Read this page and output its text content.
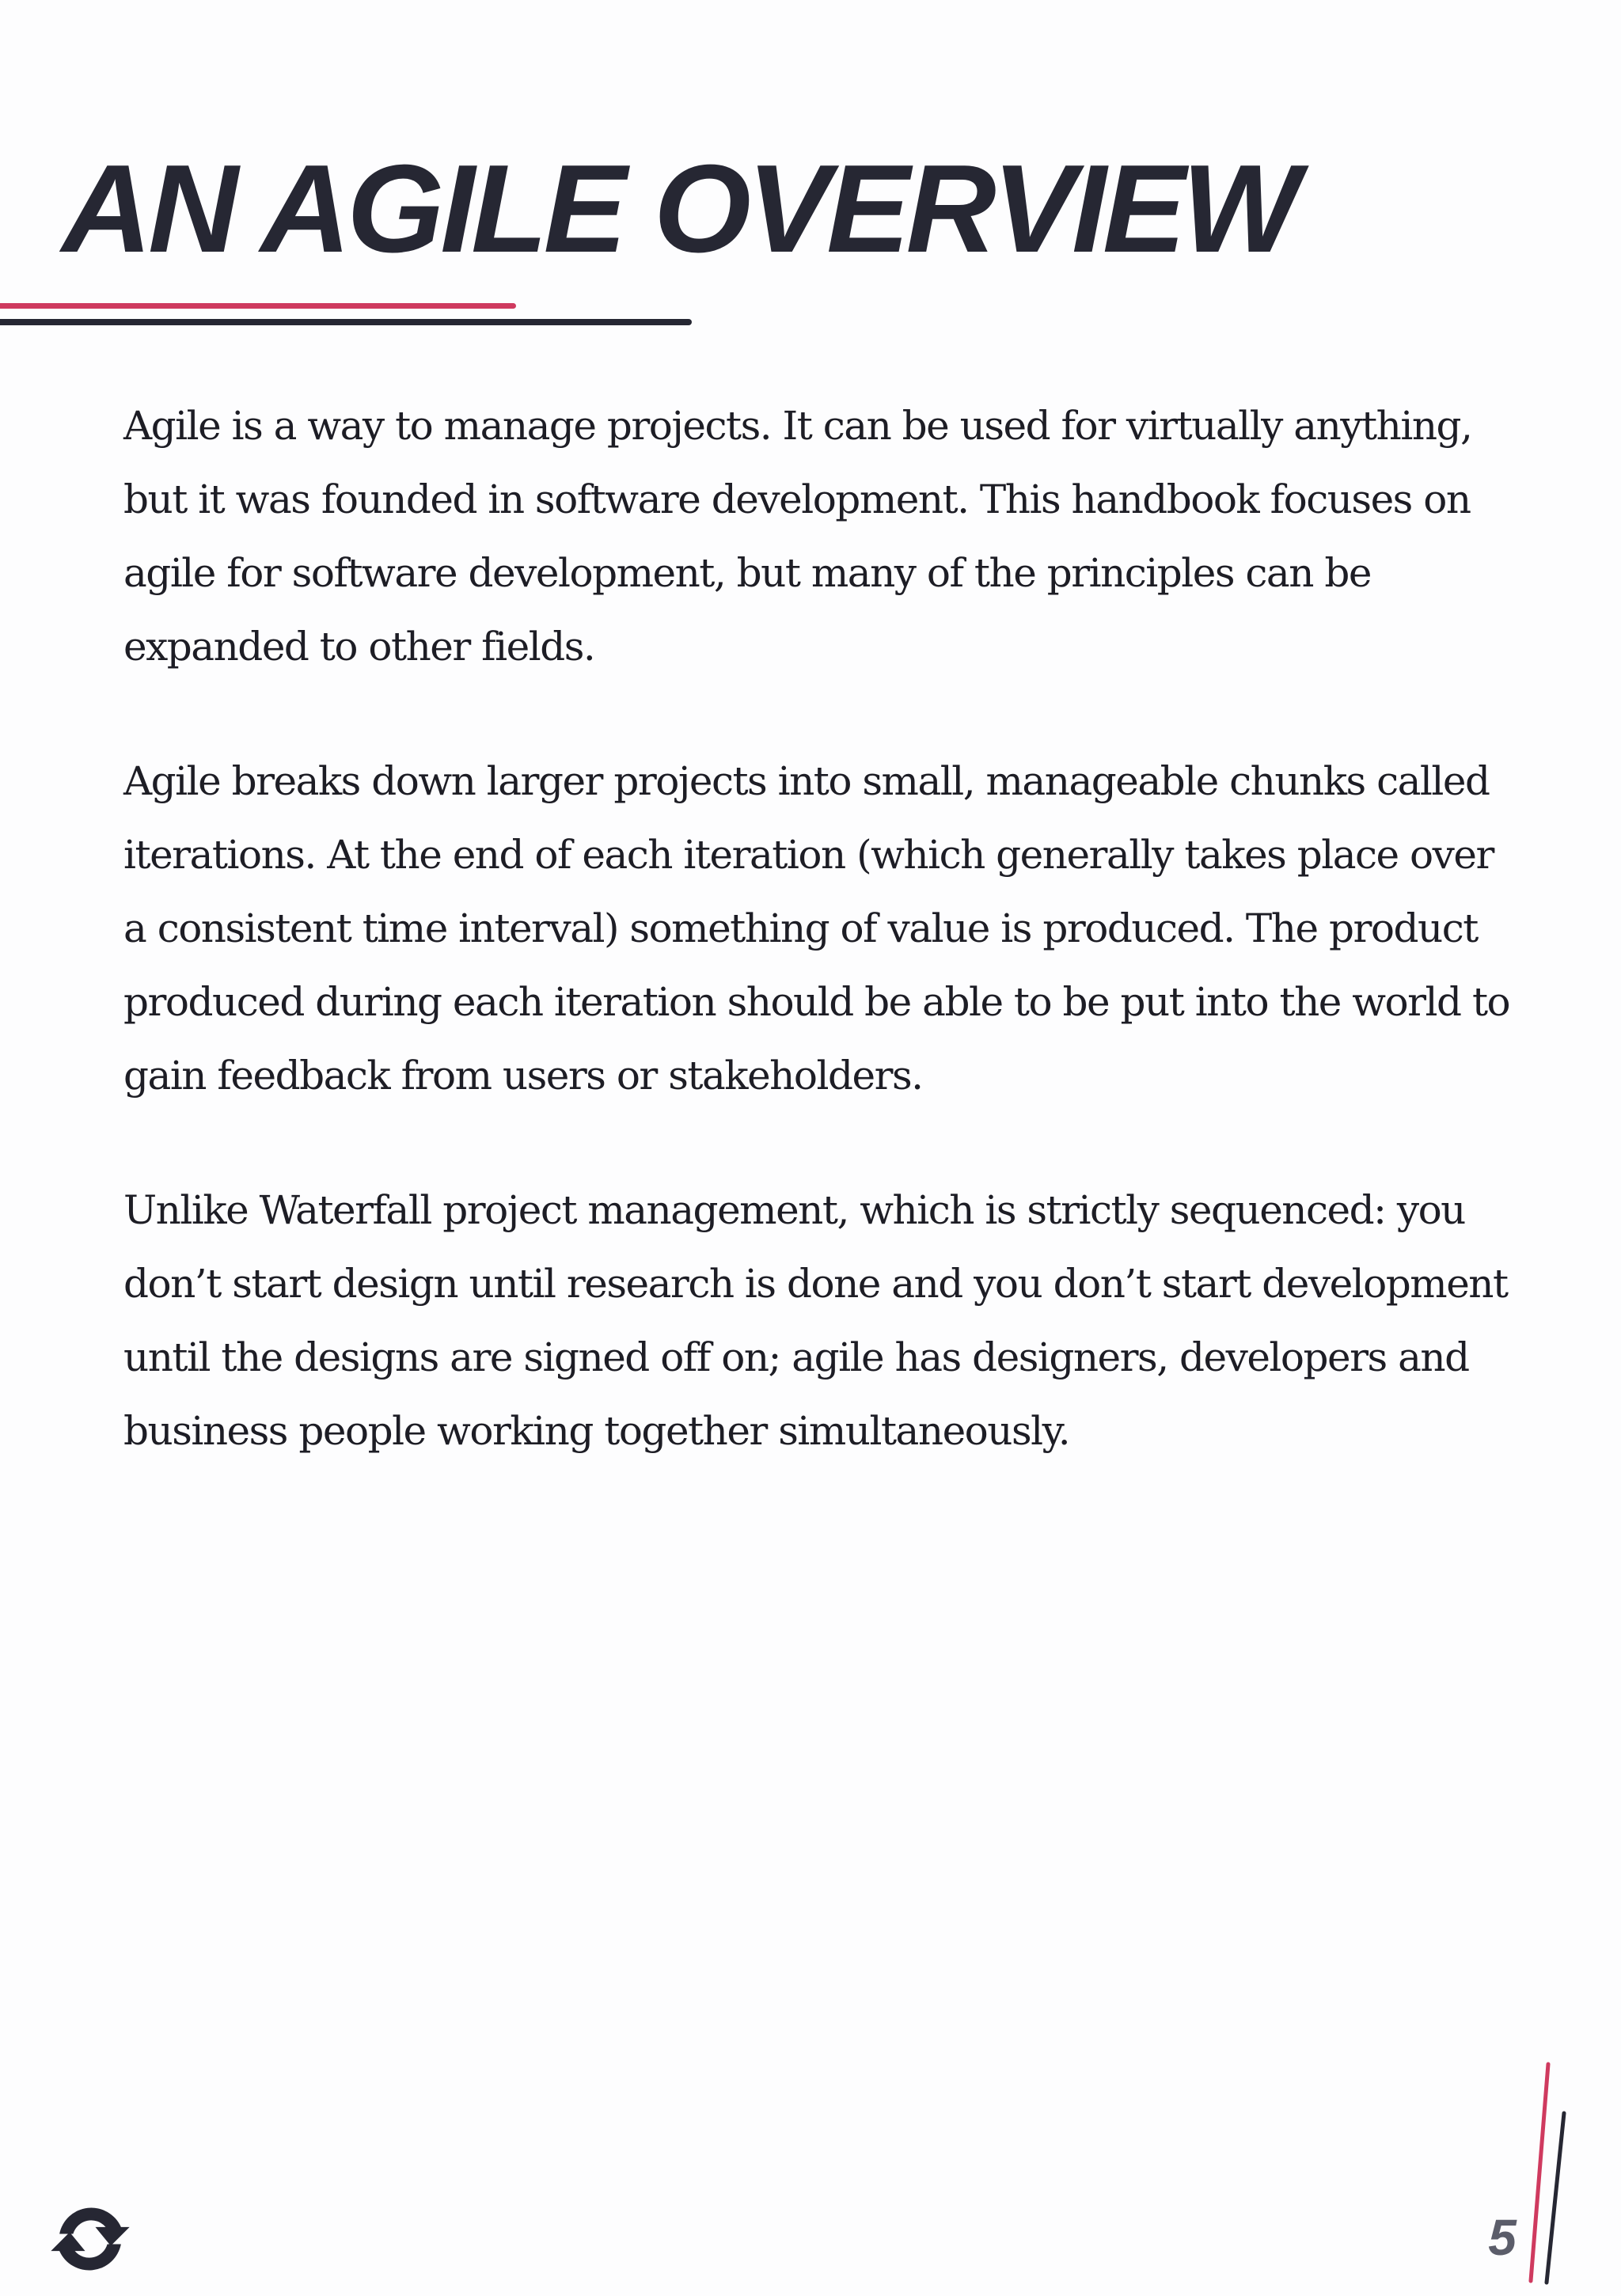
AN AGILE OVERVIEW

Agile is a way to manage projects. It can be used for virtually anything, but it was founded in software development. This handbook focuses on agile for software development, but many of the principles can be expanded to other fields.

Agile breaks down larger projects into small, manageable chunks called iterations. At the end of each iteration (which generally takes place over a consistent time interval) something of value is produced. The product produced during each iteration should be able to be put into the world to gain feedback from users or stakeholders.

Unlike Waterfall project management, which is strictly sequenced: you don’t start design until research is done and you don’t start development until the designs are signed off on; agile has designers, developers and business people working together simultaneously.

5
